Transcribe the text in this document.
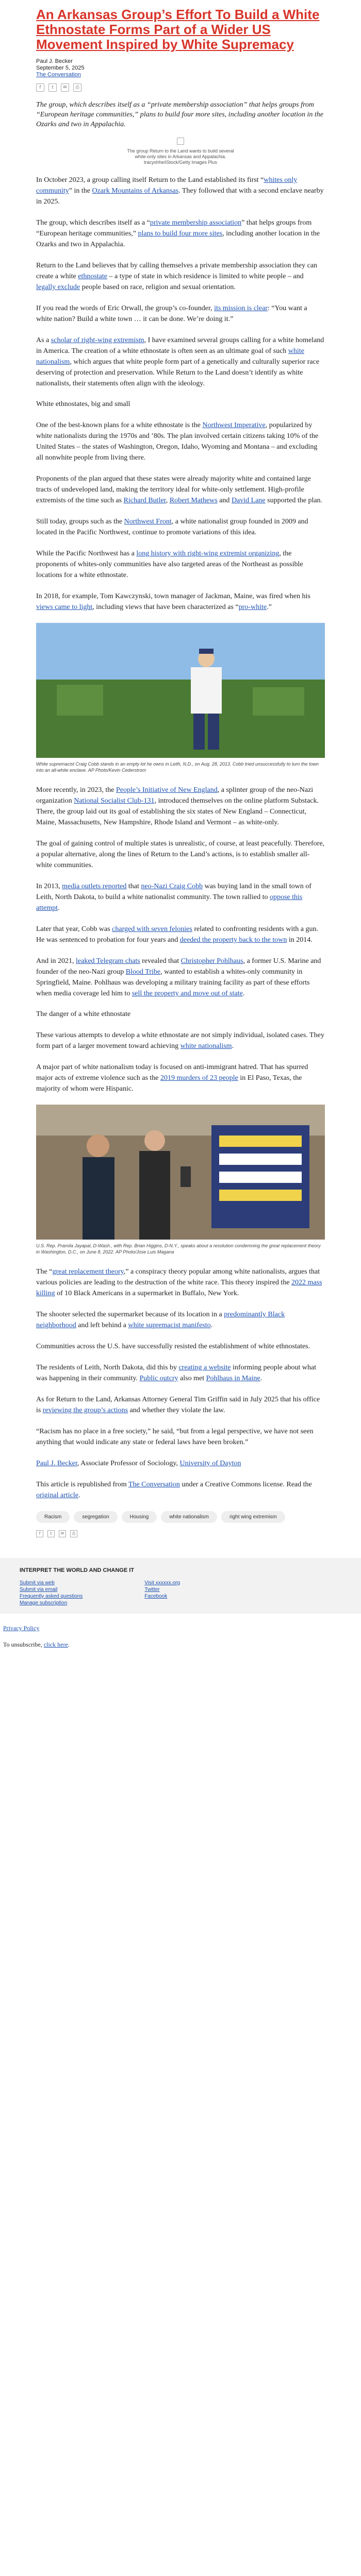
An Arkansas Group’s Effort To Build a White Ethnostate Forms Part of a Wider US Movement Inspired by White Supremacy
Paul J. Becker
September 5, 2025
The Conversation
f	t	✉	⎙
The group, which describes itself as a “private membership association” that helps groups from “European heritage communities,” plans to build four more sites, including another location in the Ozarks and two in Appalachia.
The group Return to the Land wants to build several white-only sites in Arkansas and Appalachia. tracyshhe/iStock/Getty Images Plus

In October 2023, a group calling itself Return to the Land established its first “whites only community” in the Ozark Mountains of Arkansas. They followed that with a second enclave nearby in 2025.

The group, which describes itself as a “private membership association” that helps groups from “European heritage communities,” plans to build four more sites, including another location in the Ozarks and two in Appalachia.

Return to the Land believes that by calling themselves a private membership association they can create a white ethnostate – a type of state in which residence is limited to white people – and legally exclude people based on race, religion and sexual orientation.

If you read the words of Eric Orwall, the group’s co-founder, its mission is clear: “You want a white nation? Build a white town … it can be done. We’re doing it.”

As a scholar of right-wing extremism, I have examined several groups calling for a white homeland in America. The creation of a white ethnostate is often seen as an ultimate goal of such white nationalism, which argues that white people form part of a genetically and culturally superior race deserving of protection and preservation. While Return to the Land doesn’t identify as white nationalists, their statements often align with the ideology.

White ethnostates, big and small

One of the best-known plans for a white ethnostate is the Northwest Imperative, popularized by white nationalists during the 1970s and ’80s. The plan involved certain citizens taking 10% of the United States – the states of Washington, Oregon, Idaho, Wyoming and Montana – and excluding all nonwhite people from living there.

Proponents of the plan argued that these states were already majority white and contained large tracts of undeveloped land, making the territory ideal for white-only settlement. High-profile extremists of the time such as Richard Butler, Robert Mathews and David Lane supported the plan.

Still today, groups such as the Northwest Front, a white nationalist group founded in 2009 and located in the Pacific Northwest, continue to promote variations of this idea.

While the Pacific Northwest has a long history with right-wing extremist organizing, the proponents of whites-only communities have also targeted areas of the Northeast as possible locations for a white ethnostate.

In 2018, for example, Tom Kawczynski, town manager of Jackman, Maine, was fired when his views came to light, including views that have been characterized as “pro-white.”

White supremacist Craig Cobb stands in an empty lot he owns in Leith, N.D., on Aug. 28, 2013. Cobb tried unsuccessfully to turn the town into an all-white enclave. AP Photo/Kevin Cederstrom

More recently, in 2023, the People’s Initiative of New England, a splinter group of the neo-Nazi organization National Socialist Club-131, introduced themselves on the online platform Substack. There, the group laid out its goal of establishing the six states of New England – Connecticut, Maine, Massachusetts, New Hampshire, Rhode Island and Vermont – as white-only.

The goal of gaining control of multiple states is unrealistic, of course, at least peacefully. Therefore, a popular alternative, along the lines of Return to the Land’s actions, is to establish smaller all-white communities.

In 2013, media outlets reported that neo-Nazi Craig Cobb was buying land in the small town of Leith, North Dakota, to build a white nationalist community. The town rallied to oppose this attempt.

Later that year, Cobb was charged with seven felonies related to confronting residents with a gun. He was sentenced to probation for four years and deeded the property back to the town in 2014.

And in 2021, leaked Telegram chats revealed that Christopher Pohlhaus, a former U.S. Marine and founder of the neo-Nazi group Blood Tribe, wanted to establish a whites-only community in Springfield, Maine. Pohlhaus was developing a military training facility as part of these efforts when media coverage led him to sell the property and move out of state.

The danger of a white ethnostate

These various attempts to develop a white ethnostate are not simply individual, isolated cases. They form part of a larger movement toward achieving white nationalism.

A major part of white nationalism today is focused on anti-immigrant hatred. That has spurred major acts of extreme violence such as the 2019 murders of 23 people in El Paso, Texas, the majority of whom were Hispanic.

U.S. Rep. Pramila Jayapal, D-Wash., with Rep. Brian Higgins, D-N.Y., speaks about a resolution condemning the great replacement theory in Washington, D.C., on June 8, 2022. AP Photo/Jose Luis Magana

The “great replacement theory,” a conspiracy theory popular among white nationalists, argues that various policies are leading to the destruction of the white race. This theory inspired the 2022 mass killing of 10 Black Americans in a supermarket in Buffalo, New York.

The shooter selected the supermarket because of its location in a predominantly Black neighborhood and left behind a white supremacist manifesto.

Communities across the U.S. have successfully resisted the establishment of white ethnostates.

The residents of Leith, North Dakota, did this by creating a website informing people about what was happening in their community. Public outcry also met Pohlhaus in Maine.

As for Return to the Land, Arkansas Attorney General Tim Griffin said in July 2025 that his office is reviewing the group’s actions and whether they violate the law.

“Racism has no place in a free society,” he said, “but from a legal perspective, we have not seen anything that would indicate any state or federal laws have been broken.”

Paul J. Becker, Associate Professor of Sociology, University of Dayton

This article is republished from The Conversation under a Creative Commons license. Read the original article.

Racism	segregation	Housing	white nationalism	right wing extremism
f	t	✉	⎙
INTERPRET THE WORLD AND CHANGE IT
Submit via web
Submit via email
Frequently asked questions
Manage subscription
Visit xxxxxx.org
Twitter
Facebook
Privacy Policy
To unsubscribe, click here.
